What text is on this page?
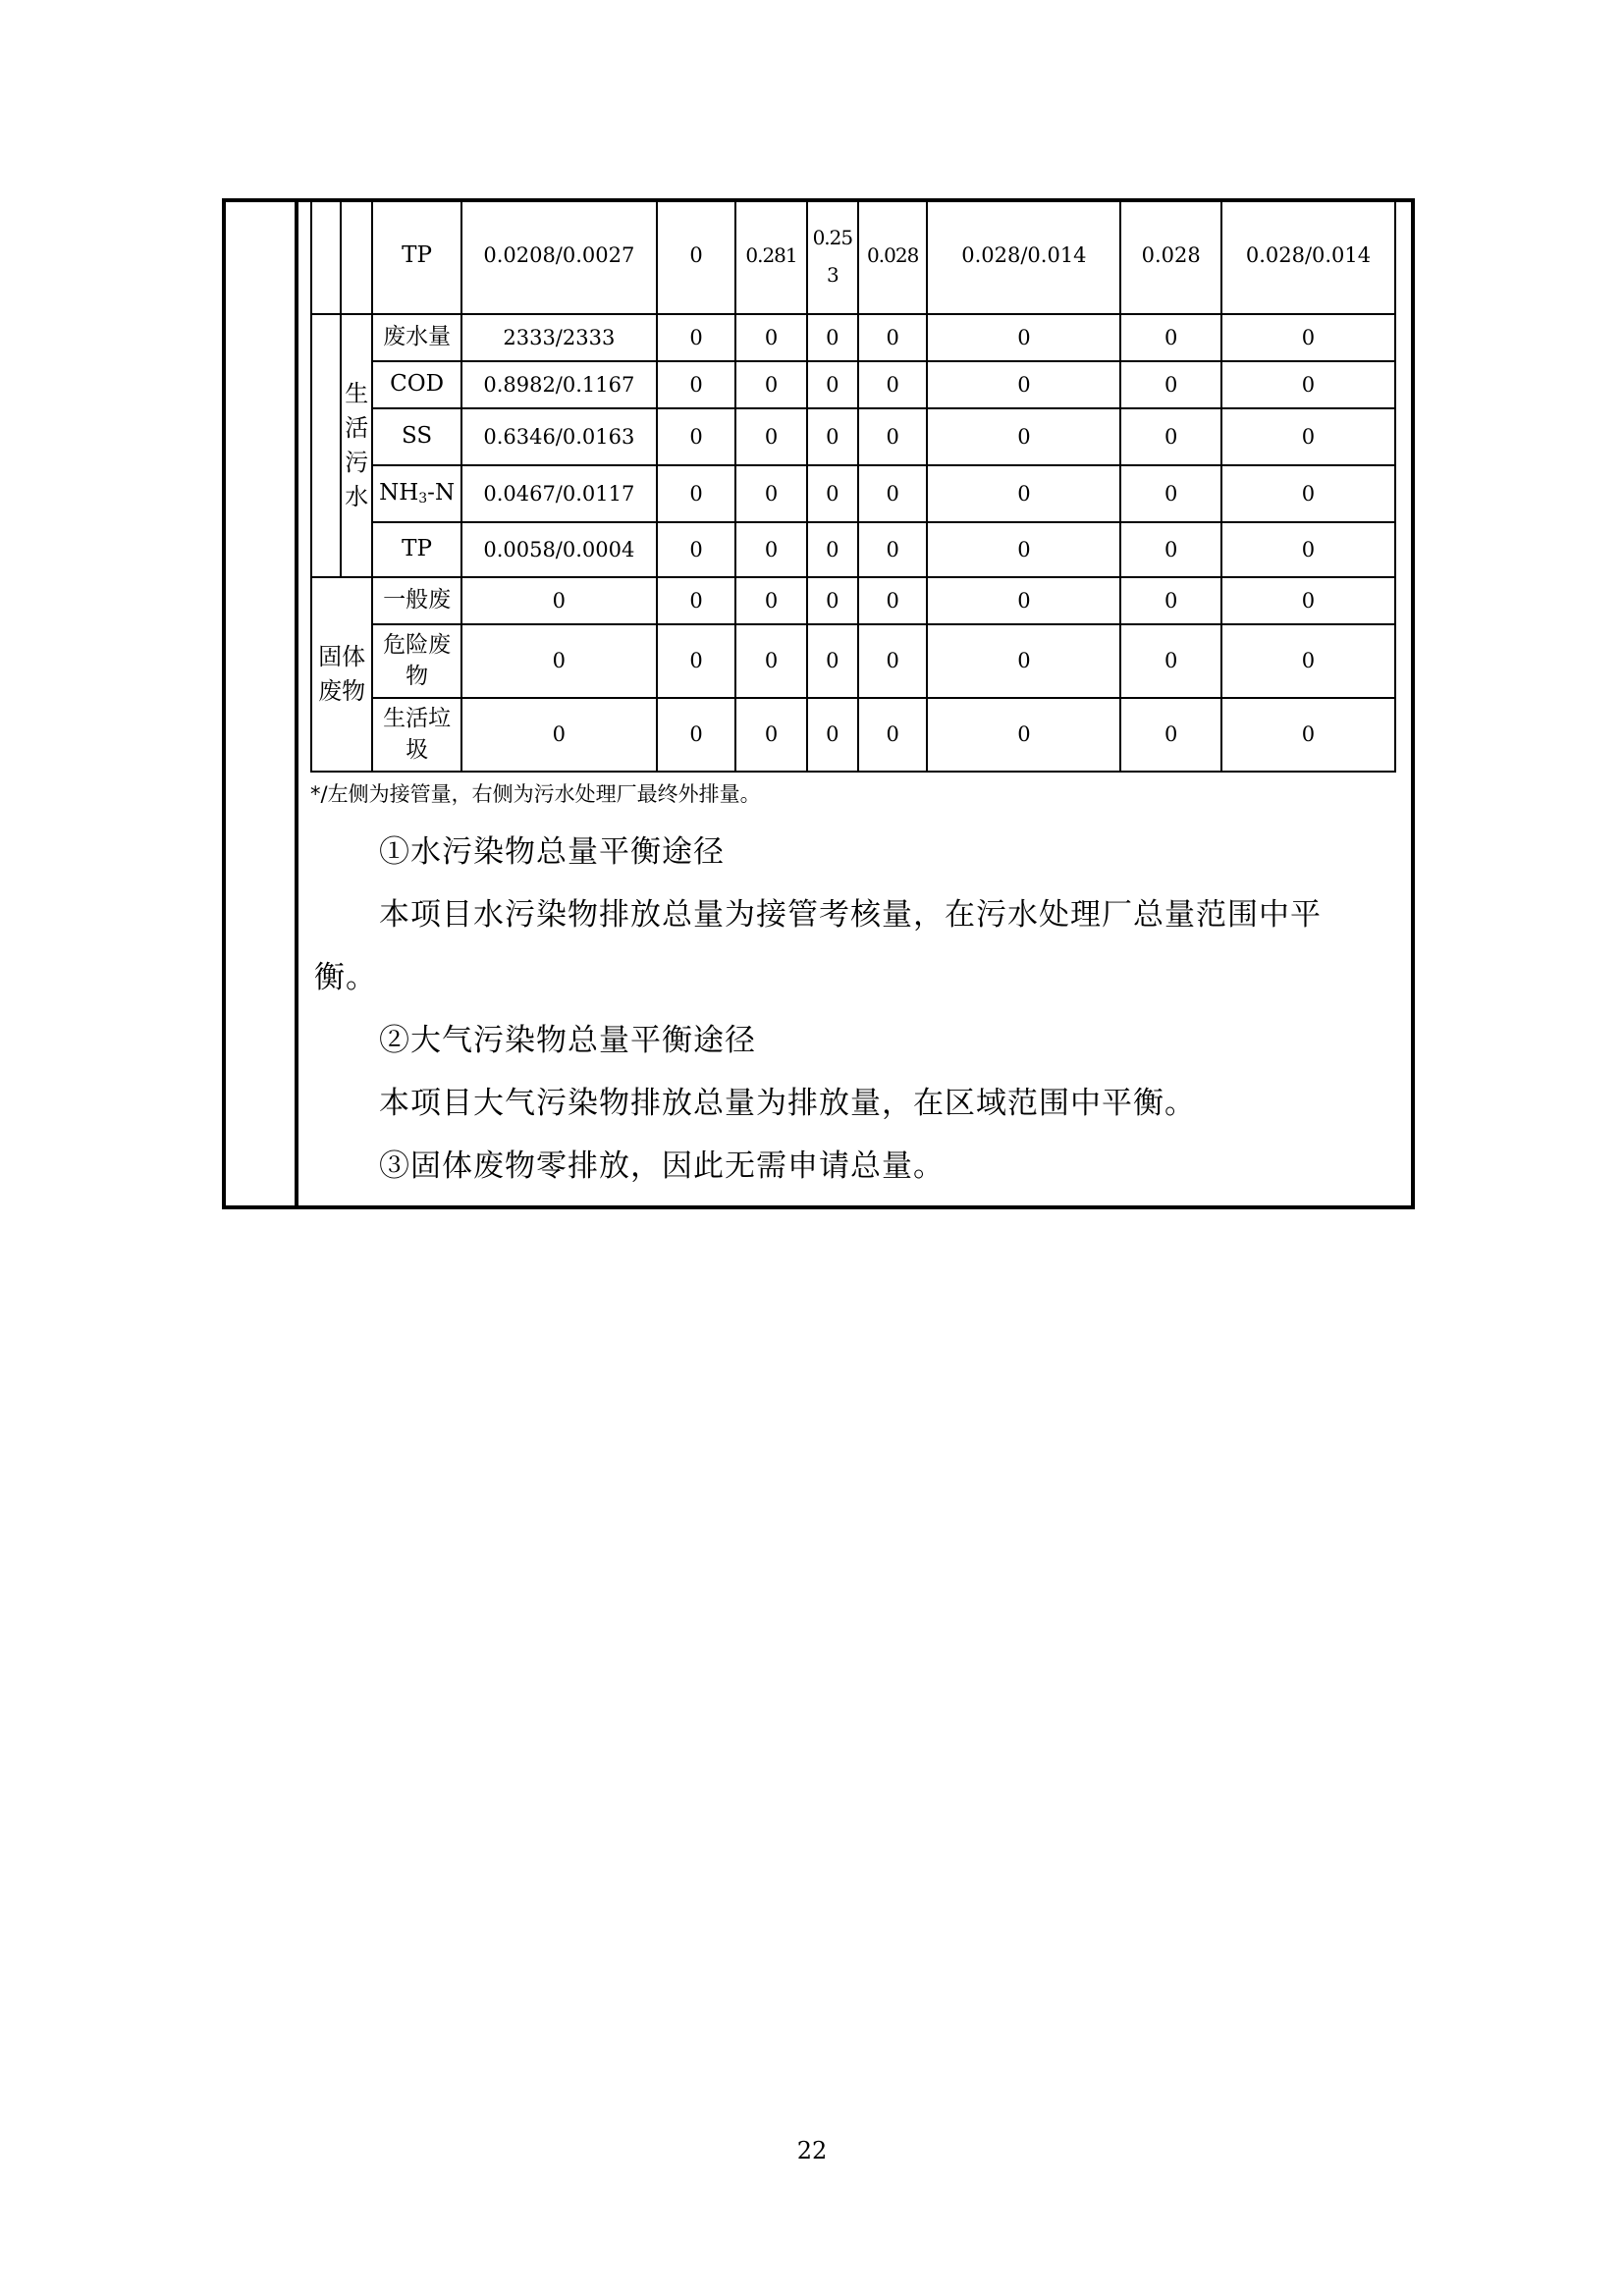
		TP	0.0208/0.0027	0	0.281	0.253	0.028	0.028/0.014	0.028	0.028/0.014
	生活污水	废水量	2333/2333	0	0	0	0	0	0	0
		COD	0.8982/0.1167	0	0	0	0	0	0	0
		SS	0.6346/0.0163	0	0	0	0	0	0	0
		$NH_3-N$	0.0467/0.0117	0	0	0	0	0	0	0
		TP	0.0058/0.0004	0	0	0	0	0	0	0
固体废物		一般废	0	0	0	0	0	0	0	0
		危险废物	0	0	0	0	0	0	0	0
		生活垃圾	0	0	0	0	0	0	0	0
*/左侧为接管量，右侧为污水处理厂最终外排量。
①水污染物总量平衡途径
本项目水污染物排放总量为接管考核量，在污水处理厂总量范围中平
衡。
②大气污染物总量平衡途径
本项目大气污染物排放总量为排放量，在区域范围中平衡。
③固体废物零排放，因此无需申请总量。
22
